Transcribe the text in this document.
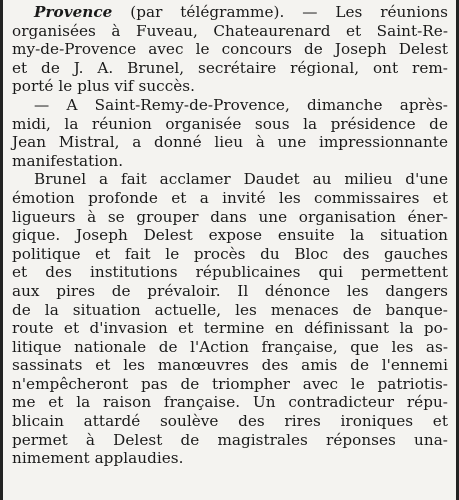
Provence (par télégramme). — Les réunions
organisées à Fuveau, Chateaurenard et Saint-Re-
my-de-Provence avec le concours de Joseph Delest
et de J. A. Brunel, secrétaire régional, ont rem-
porté le plus vif succès.
— A Saint-Remy-de-Provence, dimanche après-
midi, la réunion organisée sous la présidence de
Jean Mistral, a donné lieu à une impressionnante
manifestation.
Brunel a fait acclamer Daudet au milieu d'une
émotion profonde et a invité les commissaires et
ligueurs à se grouper dans une organisation éner-
gique. Joseph Delest expose ensuite la situation
politique et fait le procès du Bloc des gauches
et des institutions républicaines qui permettent
aux pires de prévaloir. Il dénonce les dangers
de la situation actuelle, les menaces de banque-
route et d'invasion et termine en définissant la po-
litique nationale de l'Action française, que les as-
sassinats et les manœuvres des amis de l'ennemi
n'empêcheront pas de triompher avec le patriotis-
me et la raison française. Un contradicteur répu-
blicain attardé soulève des rires ironiques et
permet à Delest de magistrales réponses una-
nimement applaudies.
